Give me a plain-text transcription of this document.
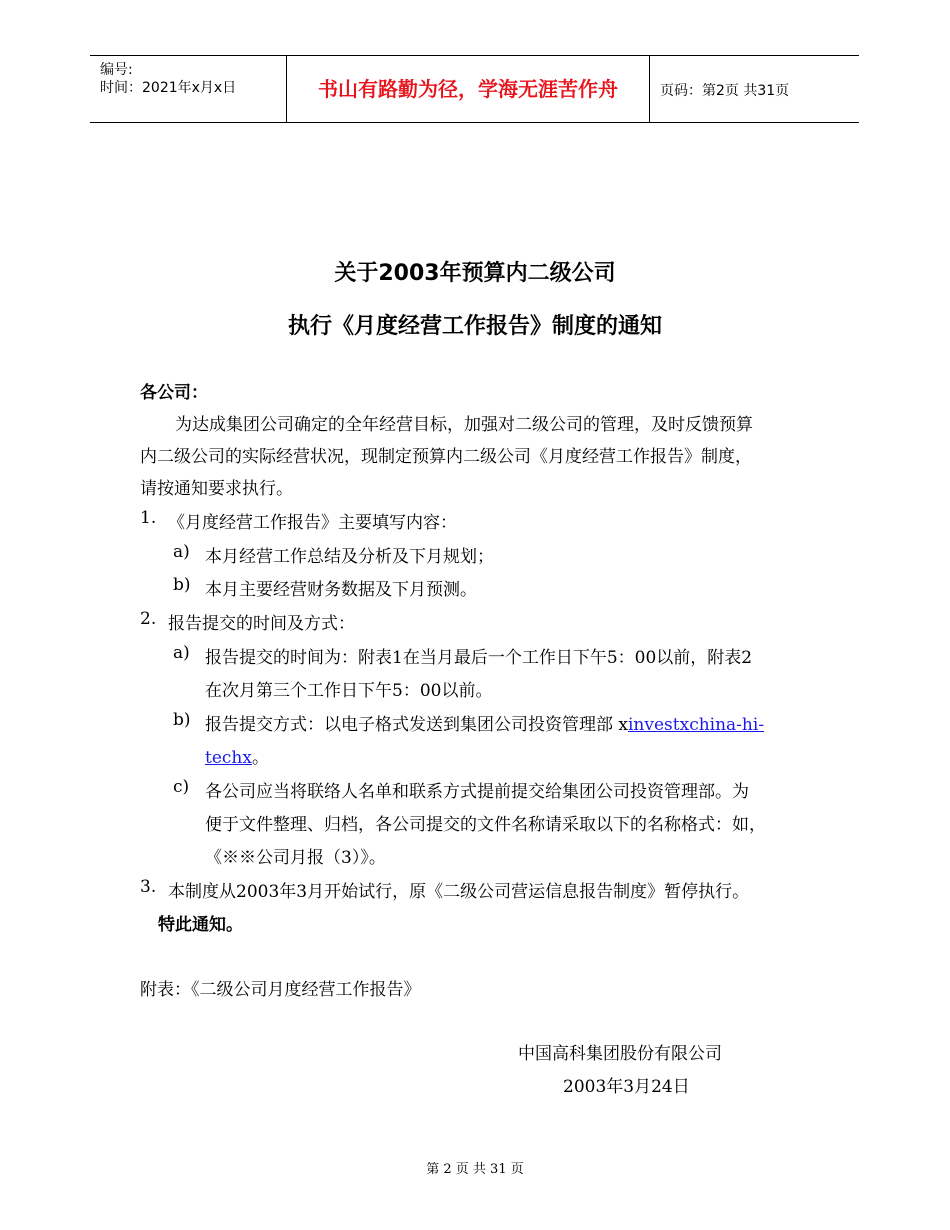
编号:
时间：2021年x月x日	书山有路勤为径，学海无涯苦作舟	页码：第2页 共31页
关于2003年预算内二级公司
执行《月度经营工作报告》制度的通知
各公司：
为达成集团公司确定的全年经营目标，加强对二级公司的管理，及时反馈预算
内二级公司的实际经营状况，现制定预算内二级公司《月度经营工作报告》制度，
请按通知要求执行。
1. 《月度经营工作报告》主要填写内容：
a) 本月经营工作总结及分析及下月规划；
b) 本月主要经营财务数据及下月预测。
2. 报告提交的时间及方式：
a) 报告提交的时间为：附表1在当月最后一个工作日下午5：00以前，附表2
在次月第三个工作日下午5：00以前。
b) 报告提交方式：以电子格式发送到集团公司投资管理部 xinvestxchina-hi-
techx。
c) 各公司应当将联络人名单和联系方式提前提交给集团公司投资管理部。为
便于文件整理、归档，各公司提交的文件名称请采取以下的名称格式：如，
《※※公司月报（3）》。
3. 本制度从2003年3月开始试行，原《二级公司营运信息报告制度》暂停执行。
特此通知。
附表：《二级公司月度经营工作报告》
中国高科集团股份有限公司
2003年3月24日
第 2 页 共 31 页
